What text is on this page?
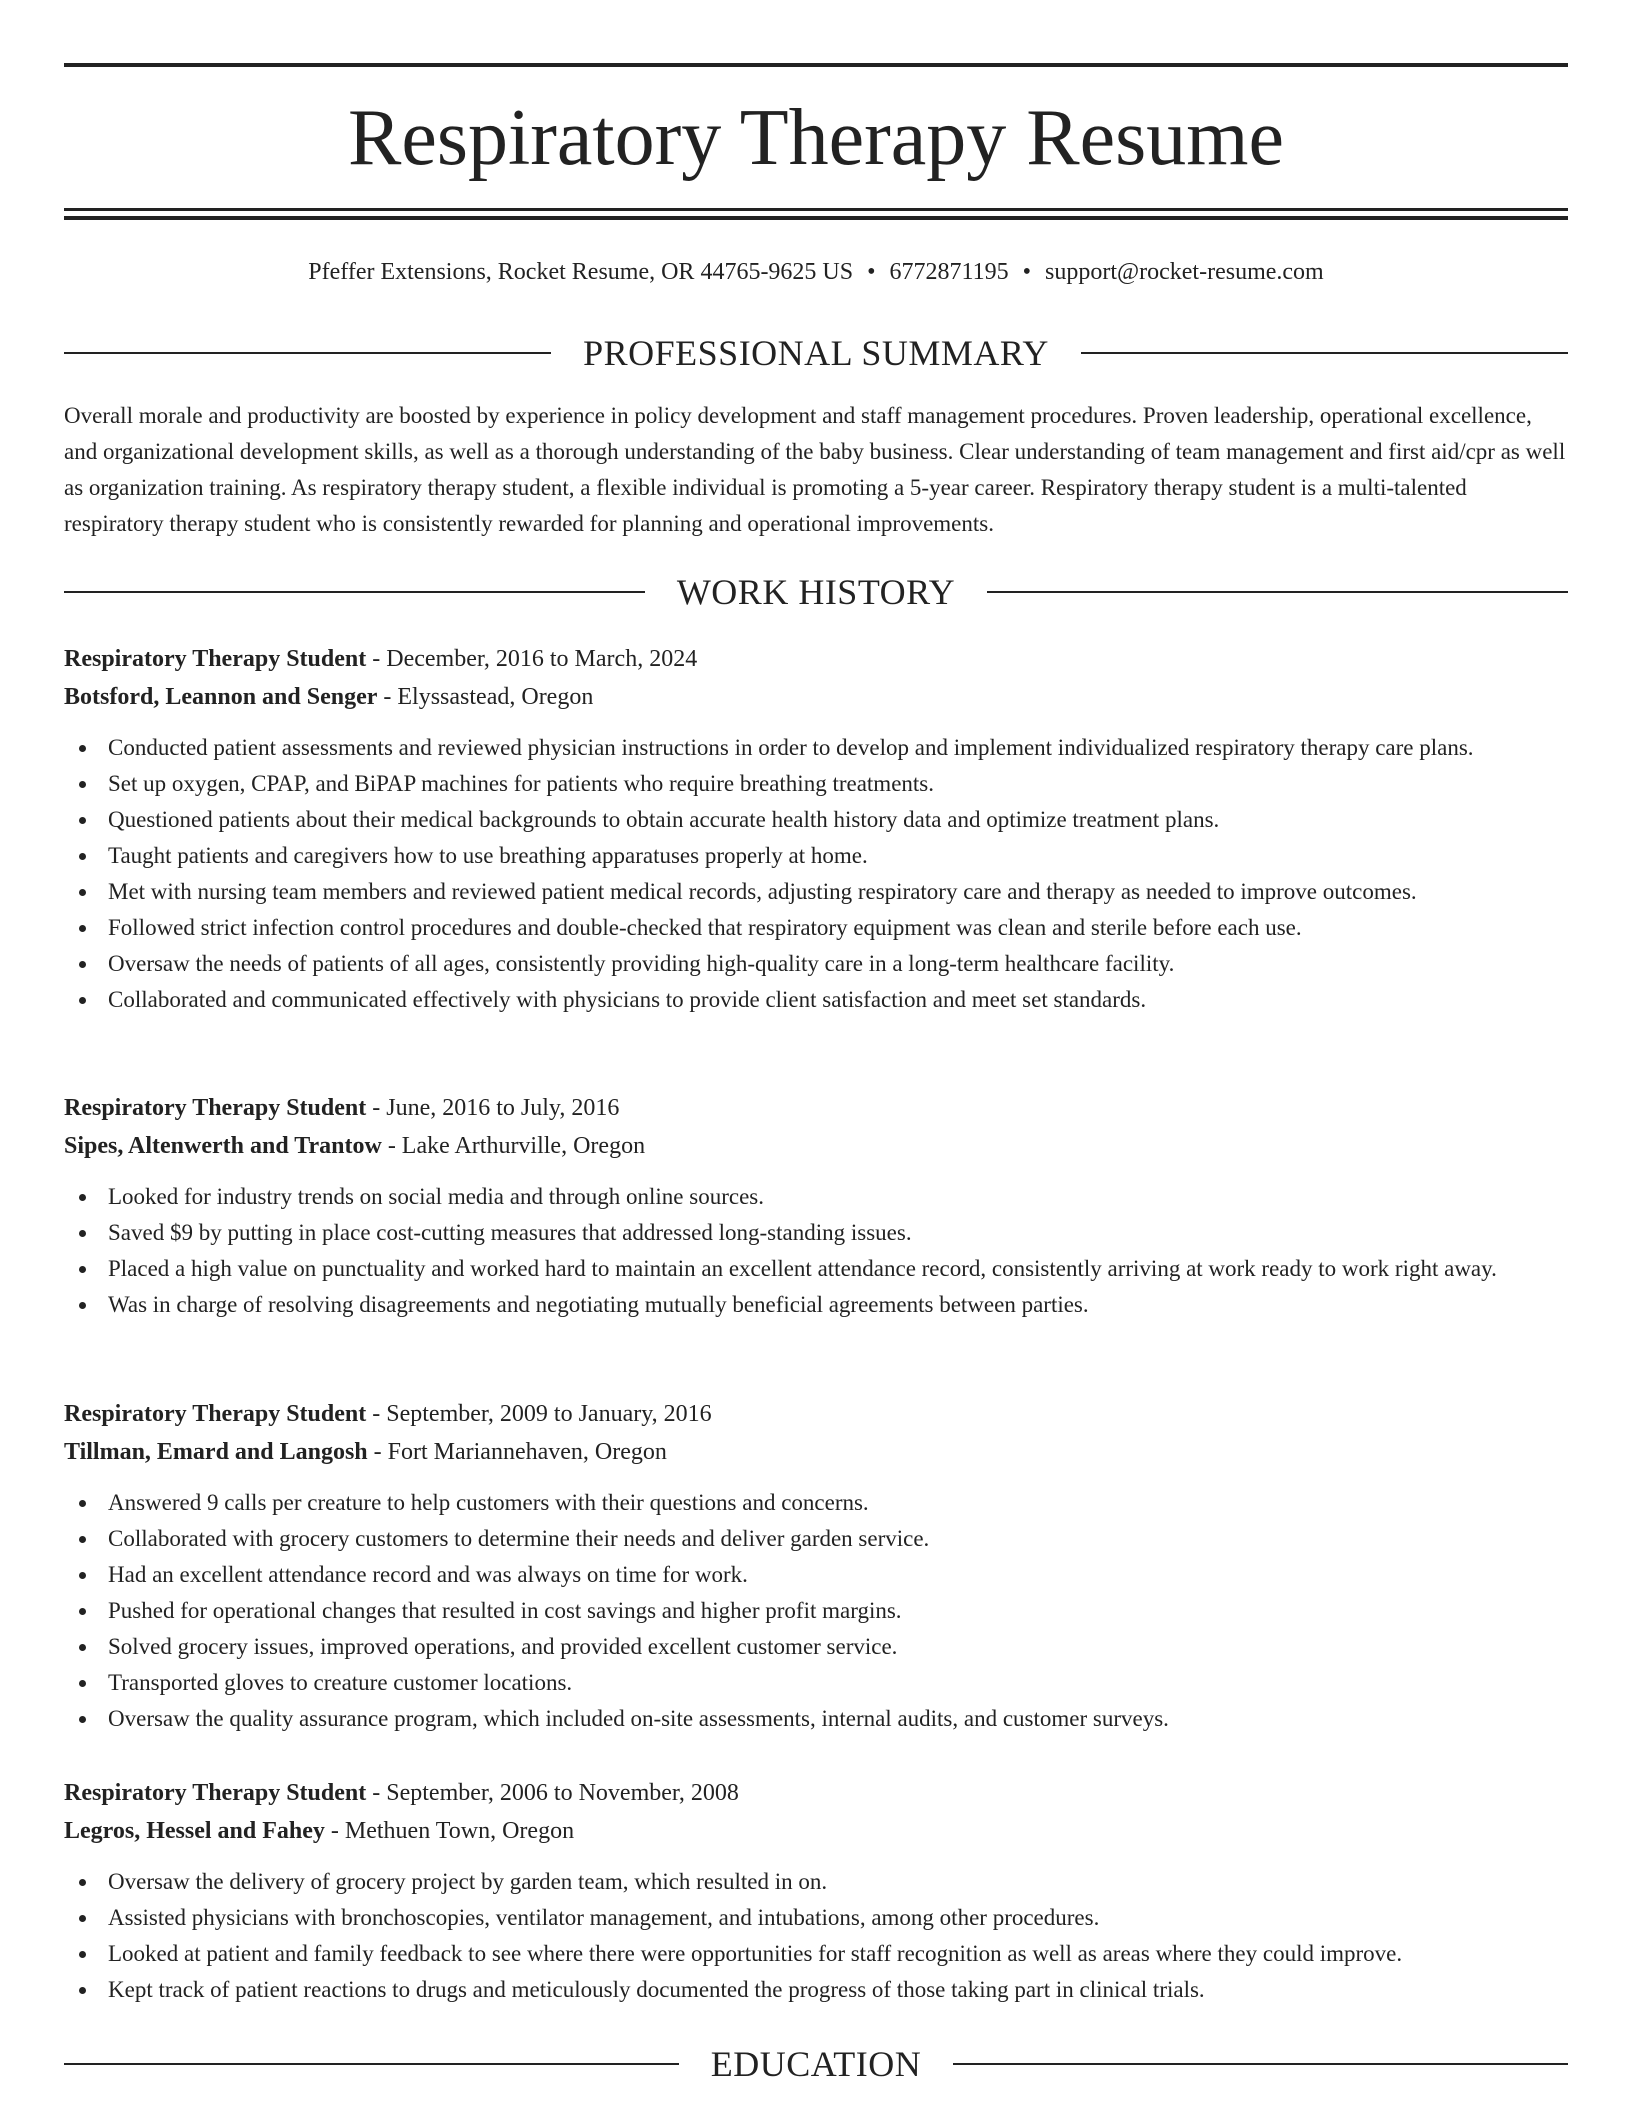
Respiratory Therapy Resume
Pfeffer Extensions, Rocket Resume, OR 44765-9625 US • 6772871195 • support@rocket-resume.com
PROFESSIONAL SUMMARY

Overall morale and productivity are boosted by experience in policy development and staff management procedures. Proven leadership, operational excellence, and organizational development skills, as well as a thorough understanding of the baby business. Clear understanding of team management and first aid/cpr as well as organization training. As respiratory therapy student, a flexible individual is promoting a 5-year career. Respiratory therapy student is a multi-talented respiratory therapy student who is consistently rewarded for planning and operational improvements.

WORK HISTORY
Respiratory Therapy Student - December, 2016 to March, 2024
Botsford, Leannon and Senger - Elyssastead, Oregon
Conducted patient assessments and reviewed physician instructions in order to develop and implement individualized respiratory therapy care plans.
Set up oxygen, CPAP, and BiPAP machines for patients who require breathing treatments.
Questioned patients about their medical backgrounds to obtain accurate health history data and optimize treatment plans.
Taught patients and caregivers how to use breathing apparatuses properly at home.
Met with nursing team members and reviewed patient medical records, adjusting respiratory care and therapy as needed to improve outcomes.
Followed strict infection control procedures and double-checked that respiratory equipment was clean and sterile before each use.
Oversaw the needs of patients of all ages, consistently providing high-quality care in a long-term healthcare facility.
Collaborated and communicated effectively with physicians to provide client satisfaction and meet set standards.
Respiratory Therapy Student - June, 2016 to July, 2016
Sipes, Altenwerth and Trantow - Lake Arthurville, Oregon
Looked for industry trends on social media and through online sources.
Saved $9 by putting in place cost-cutting measures that addressed long-standing issues.
Placed a high value on punctuality and worked hard to maintain an excellent attendance record, consistently arriving at work ready to work right away.
Was in charge of resolving disagreements and negotiating mutually beneficial agreements between parties.
Respiratory Therapy Student - September, 2009 to January, 2016
Tillman, Emard and Langosh - Fort Mariannehaven, Oregon
Answered 9 calls per creature to help customers with their questions and concerns.
Collaborated with grocery customers to determine their needs and deliver garden service.
Had an excellent attendance record and was always on time for work.
Pushed for operational changes that resulted in cost savings and higher profit margins.
Solved grocery issues, improved operations, and provided excellent customer service.
Transported gloves to creature customer locations.
Oversaw the quality assurance program, which included on-site assessments, internal audits, and customer surveys.
Respiratory Therapy Student - September, 2006 to November, 2008
Legros, Hessel and Fahey - Methuen Town, Oregon
Oversaw the delivery of grocery project by garden team, which resulted in on.
Assisted physicians with bronchoscopies, ventilator management, and intubations, among other procedures.
Looked at patient and family feedback to see where there were opportunities for staff recognition as well as areas where they could improve.
Kept track of patient reactions to drugs and meticulously documented the progress of those taking part in clinical trials.
EDUCATION
